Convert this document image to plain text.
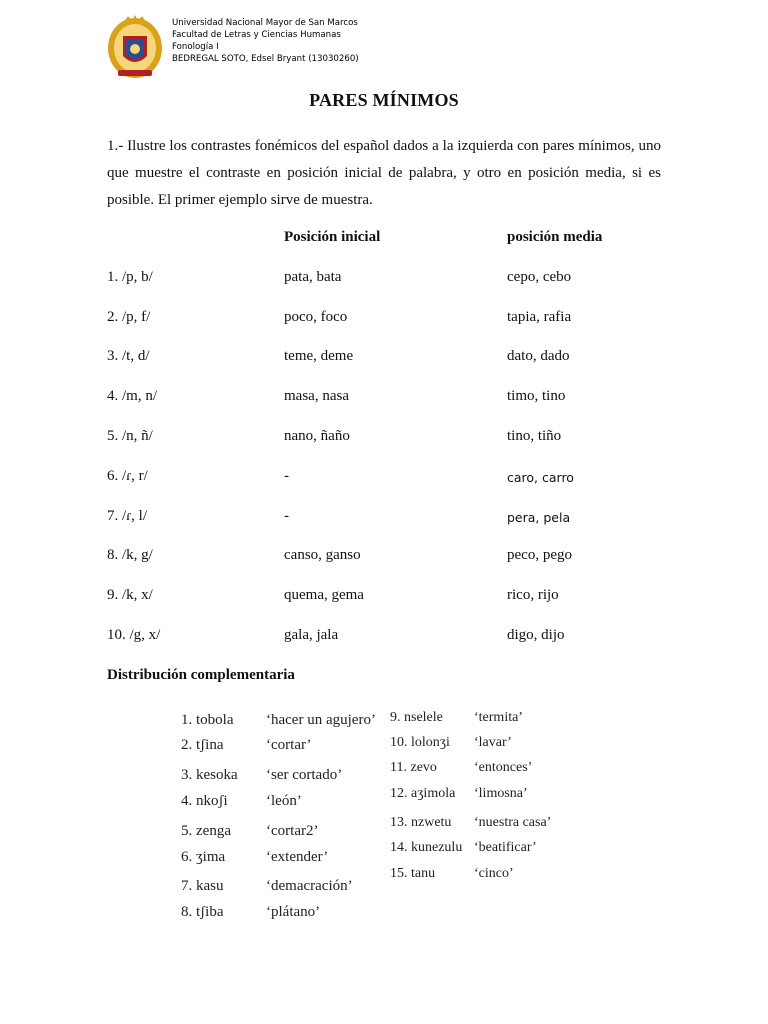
Universidad Nacional Mayor de San Marcos
Facultad de Letras y Ciencias Humanas
Fonología I
BEDREGAL SOTO, Edsel Bryant (13030260)
PARES MÍNIMOS
1.- Ilustre los contrastes fonémicos del español dados a la izquierda con pares mínimos, uno que muestre el contraste en posición inicial de palabra, y otro en posición media, si es posible. El primer ejemplo sirve de muestra.
Posición inicial	posición media
1. /p, b/	pata, bata	cepo, cebo
2. /p, f/	poco, foco	tapia, rafia
3. /t, d/	teme, deme	dato, dado
4. /m, n/	masa, nasa	timo, tino
5. /n, ñ/	nano, ñaño	tino, tiño
6. /ɾ, r/	-	caro, carro
7. /ɾ, l/	-	pera, pela
8. /k, g/	canso, ganso	peco, pego
9. /k, x/	quema, gema	rico, rijo
10. /g, x/	gala, jala	digo, dijo
Distribución complementaria
1. tobola ‘hacer un agujero’
2. tʃina	‘cortar’
3. kesoka ‘ser cortado’
4. nkoʃi	‘león’
5. zenga ‘cortar2’
6. ʒima	‘extender’
7. kasu	‘demacración’
8. tʃiba	‘plátano’
9. nselele ‘termita’
10. lolonʒi ‘lavar’
11. zevo	‘entonces’
12. aʒimola ‘limosna’
13. nzwetu ‘nuestra casa’
14. kunezulu ‘beatificar’
15. tanu	‘cinco’
